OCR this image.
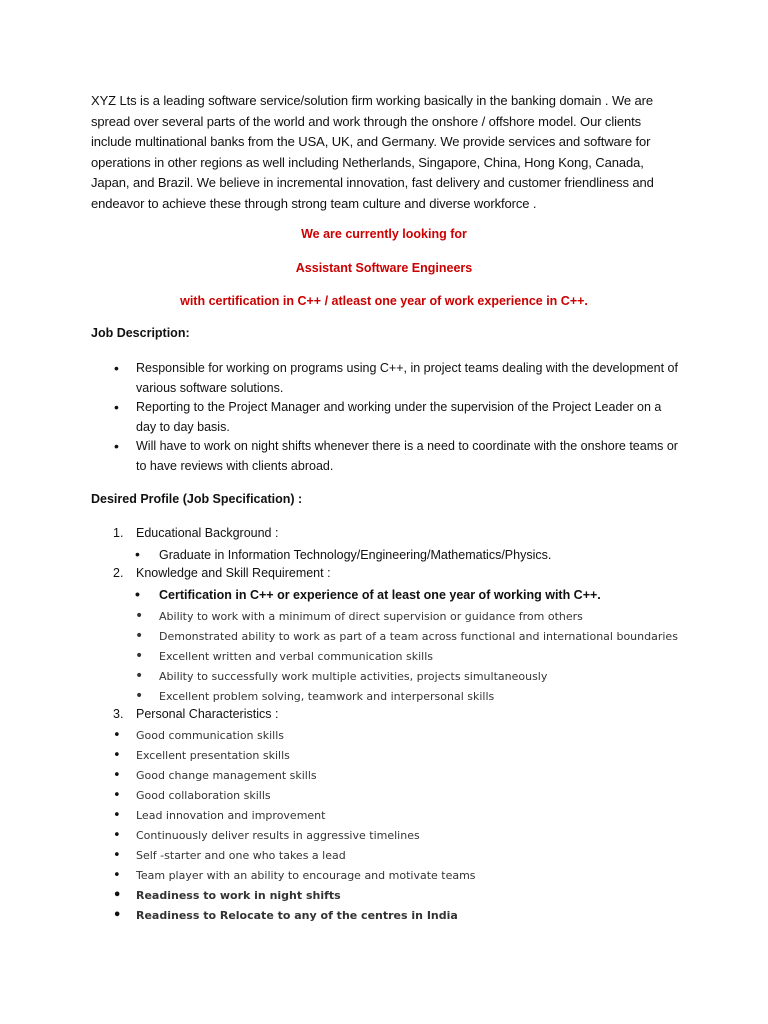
XYZ Lts is a leading software service/solution firm working basically in the banking domain . We are spread over several parts of the world and work through the onshore / offshore model. Our clients include multinational banks from the USA, UK, and Germany. We provide services and software for operations in other regions as well including Netherlands, Singapore, China, Hong Kong, Canada, Japan, and Brazil. We believe in incremental innovation, fast delivery and customer friendliness and endeavor to achieve these through strong team culture and diverse workforce .

We are currently looking for

Assistant Software Engineers

with certification in C++ / atleast one year of work experience in C++.

Job Description:

• Responsible for working on programs using C++, in project teams dealing with the development of various software solutions.
• Reporting to the Project Manager and working under the supervision of the Project Leader on a day to day basis.
• Will have to work on night shifts whenever there is a need to coordinate with the onshore teams or to have reviews with clients abroad.

Desired Profile (Job Specification) :

1. Educational Background :

• Graduate in Information Technology/Engineering/Mathematics/Physics.

2. Knowledge and Skill Requirement :

• Certification in C++ or experience of at least one year of working with C++.

• Ability to work with a minimum of direct supervision or guidance from others

• Demonstrated ability to work as part of a team across functional and international boundaries

• Excellent written and verbal communication skills

• Ability to successfully work multiple activities, projects simultaneously

• Excellent problem solving, teamwork and interpersonal skills

3. Personal Characteristics :

• Good communication skills

• Excellent presentation skills

• Good change management skills

• Good collaboration skills

• Lead innovation and improvement

• Continuously deliver results in aggressive timelines

• Self -starter and one who takes a lead

• Team player with an ability to encourage and motivate teams

• Readiness to work in night shifts

• Readiness to Relocate to any of the centres in India
